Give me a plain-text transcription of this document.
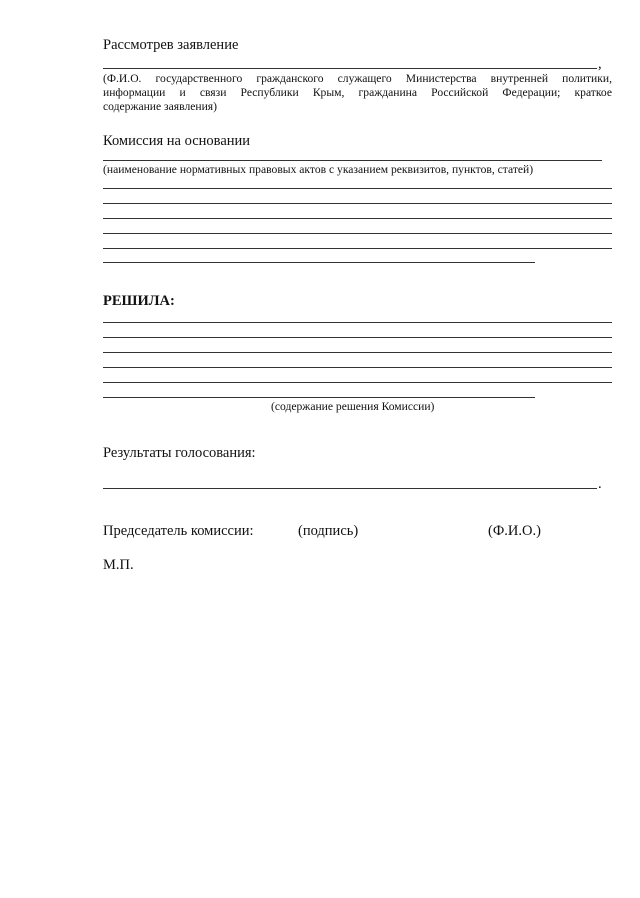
Рассмотрев заявление
,
(Ф.И.О. государственного гражданского служащего Министерства внутренней политики,
информации и связи Республики Крым, гражданина Российской Федерации; краткое
содержание заявления)
Комиссия на основании
(наименование нормативных правовых актов с указанием реквизитов, пунктов, статей)
РЕШИЛА:
(содержание решения Комиссии)
Результаты голосования:
.
Председатель комиссии:	(подпись)	(Ф.И.О.)
М.П.
